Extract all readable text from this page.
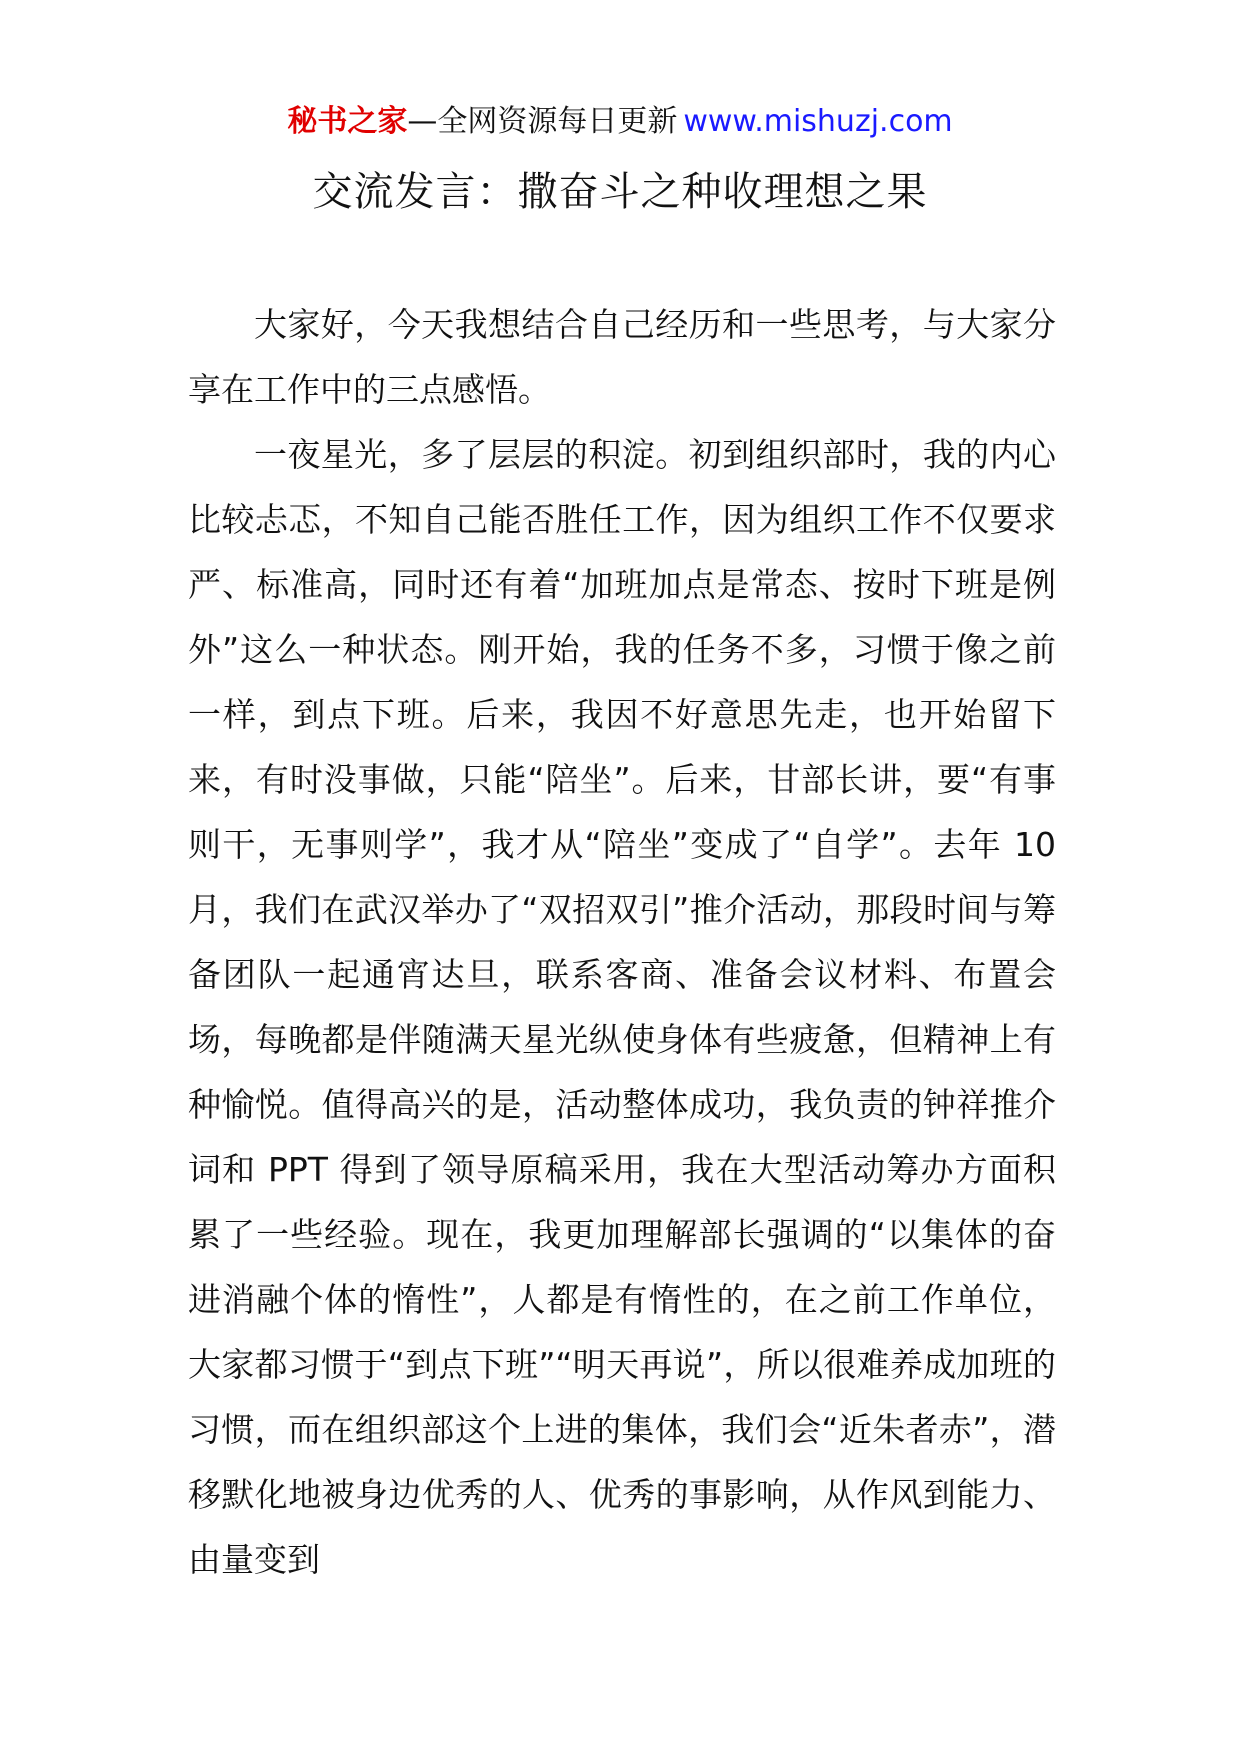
秘书之家—全网资源每日更新 www.mishuzj.com
交流发言：撒奋斗之种收理想之果

大家好，今天我想结合自己经历和一些思考，与大家分享在工作中的三点感悟。

一夜星光，多了层层的积淀。初到组织部时，我的内心比较忐忑，不知自己能否胜任工作，因为组织工作不仅要求严、标准高，同时还有着“加班加点是常态、按时下班是例外”这么一种状态。刚开始，我的任务不多，习惯于像之前一样，到点下班。后来，我因不好意思先走，也开始留下来，有时没事做，只能“陪坐”。后来，甘部长讲，要“有事则干，无事则学”，我才从“陪坐”变成了“自学”。去年 10 月，我们在武汉举办了“双招双引”推介活动，那段时间与筹备团队一起通宵达旦，联系客商、准备会议材料、布置会场，每晚都是伴随满天星光纵使身体有些疲惫，但精神上有种愉悦。值得高兴的是，活动整体成功，我负责的钟祥推介词和 PPT 得到了领导原稿采用，我在大型活动筹办方面积累了一些经验。现在，我更加理解部长强调的“以集体的奋进消融个体的惰性”，人都是有惰性的，在之前工作单位，大家都习惯于“到点下班”“明天再说”，所以很难养成加班的习惯，而在组织部这个上进的集体，我们会“近朱者赤”，潜移默化地被身边优秀的人、优秀的事影响，从作风到能力、由量变到
